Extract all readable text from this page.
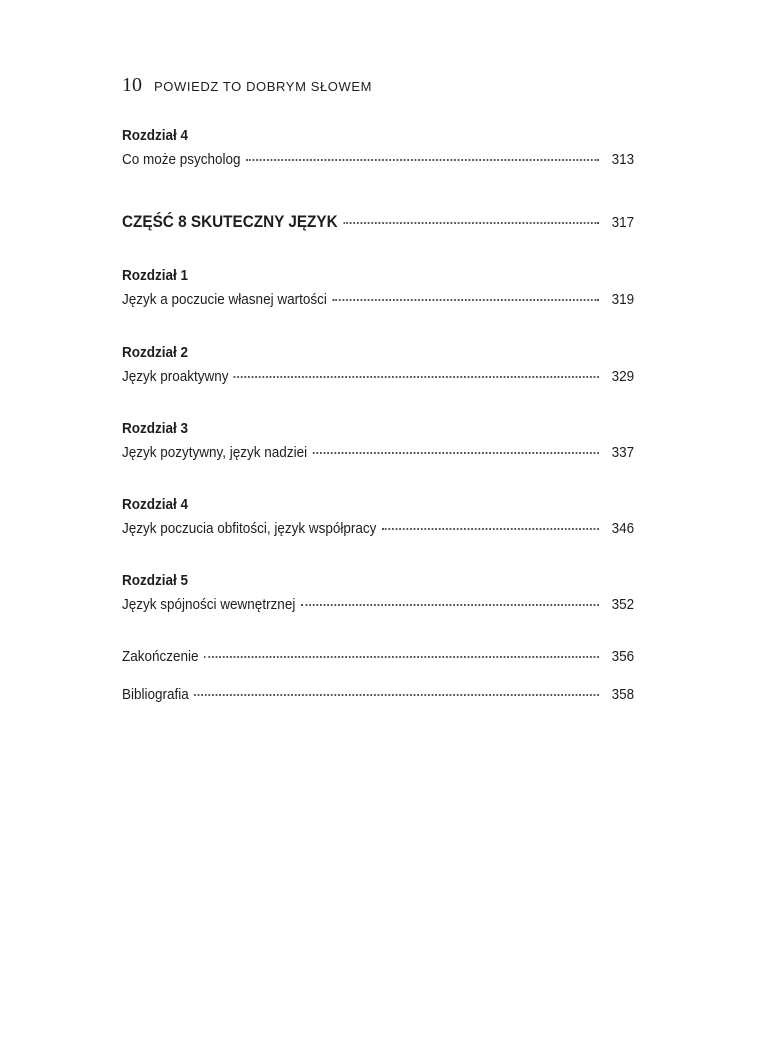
10 POWIEDZ TO DOBRYM SŁOWEM
Rozdział 4
Co może psycholog	313
CZĘŚĆ 8 SKUTECZNY JĘZYK	317
Rozdział 1
Język a poczucie własnej wartości	319
Rozdział 2
Język proaktywny	329
Rozdział 3
Język pozytywny, język nadziei	337
Rozdział 4
Język poczucia obfitości, język współpracy	346
Rozdział 5
Język spójności wewnętrznej	352
Zakończenie	356
Bibliografia	358
